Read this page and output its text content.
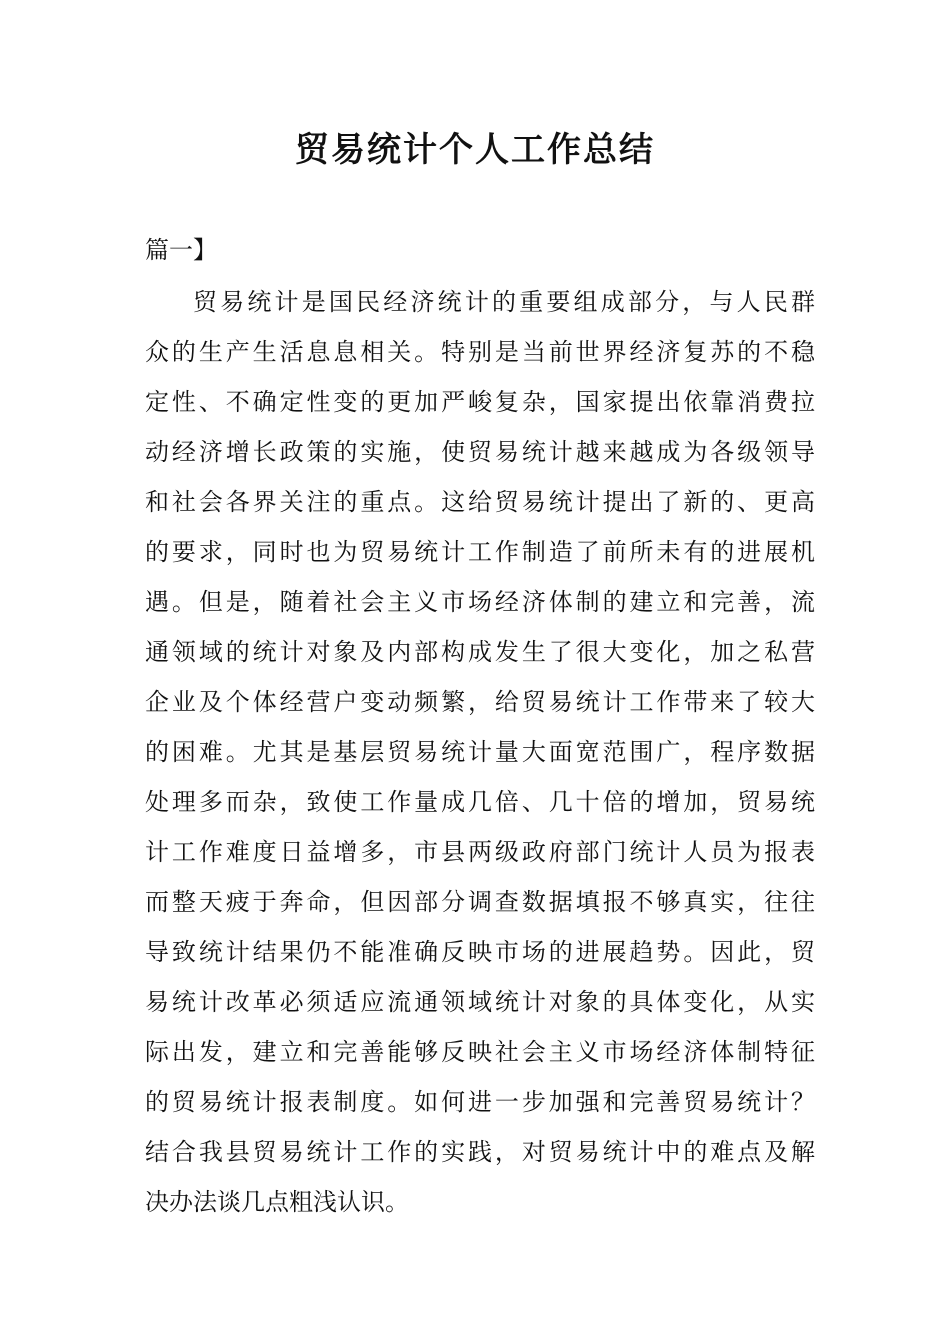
贸易统计个人工作总结

篇一】

贸易统计是国民经济统计的重要组成部分，与人民群
众的生产生活息息相关。特别是当前世界经济复苏的不稳
定性、不确定性变的更加严峻复杂，国家提出依靠消费拉
动经济增长政策的实施，使贸易统计越来越成为各级领导
和社会各界关注的重点。这给贸易统计提出了新的、更高
的要求，同时也为贸易统计工作制造了前所未有的进展机
遇。但是，随着社会主义市场经济体制的建立和完善，流
通领域的统计对象及内部构成发生了很大变化，加之私营
企业及个体经营户变动频繁，给贸易统计工作带来了较大
的困难。尤其是基层贸易统计量大面宽范围广，程序数据
处理多而杂，致使工作量成几倍、几十倍的增加，贸易统
计工作难度日益增多，市县两级政府部门统计人员为报表
而整天疲于奔命，但因部分调查数据填报不够真实，往往
导致统计结果仍不能准确反映市场的进展趋势。因此，贸
易统计改革必须适应流通领域统计对象的具体变化，从实
际出发，建立和完善能够反映社会主义市场经济体制特征
的贸易统计报表制度。如何进一步加强和完善贸易统计？
结合我县贸易统计工作的实践，对贸易统计中的难点及解
决办法谈几点粗浅认识。
